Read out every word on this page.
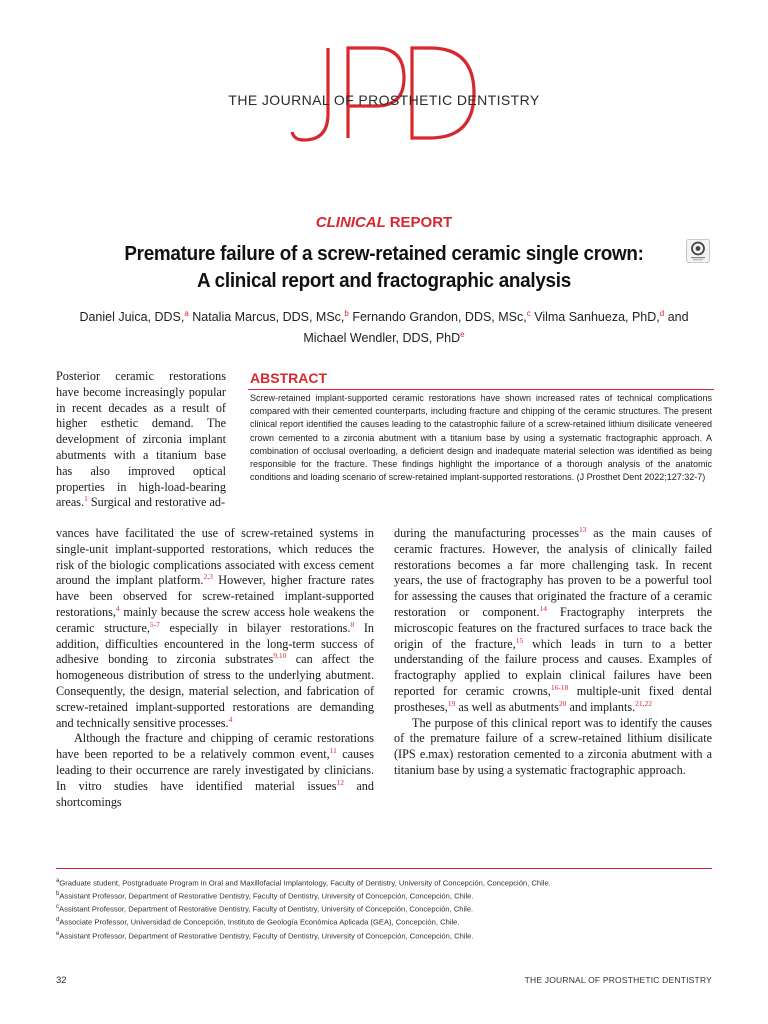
THE JOURNAL OF PROSTHETIC DENTISTRY
CLINICAL REPORT
Premature failure of a screw-retained ceramic single crown: A clinical report and fractographic analysis
Daniel Juica, DDS,$^a$ Natalia Marcus, DDS, MSc,$^b$ Fernando Grandon, DDS, MSc,$^c$ Vilma Sanhueza, PhD,$^d$ and
Michael Wendler, DDS, PhD$^e$
ABSTRACT
Screw-retained implant-supported ceramic restorations have shown increased rates of technical complications compared with their cemented counterparts, including fracture and chipping of the ceramic structures. The present clinical report identified the causes leading to the catastrophic failure of a screw-retained lithium disilicate veneered crown cemented to a zirconia abutment with a titanium base by using a systematic fractographic approach. A combination of occlusal overloading, a deficient design and inadequate material selection was identified as being responsible for the fracture. These findings highlight the importance of a thorough analysis of the anatomic conditions and loading scenario of screw-retained implant-supported restorations. (J Prosthet Dent 2022;127:32-7)

Posterior ceramic restorations have become increasingly popular in recent decades as a result of higher esthetic demand. The development of zirconia implant abutments with a titanium base has also improved optical properties in high-load-bearing areas.$^1$ Surgical and restorative ad-

vances have facilitated the use of screw-retained systems in single-unit implant-supported restorations, which reduces the risk of the biologic complications associated with excess cement around the implant platform.$^{2,3}$ However, higher fracture rates have been observed for screw-retained implant-supported restorations,$^4$ mainly because the screw access hole weakens the ceramic structure,$^{5-7}$ especially in bilayer restorations.$^8$ In addition, difficulties encountered in the long-term success of adhesive bonding to zirconia substrates$^{9,10}$ can affect the homogeneous distribution of stress to the underlying abutment. Consequently, the design, material selection, and fabrication of screw-retained implant-supported restorations are demanding and technically sensitive processes.$^4$

Although the fracture and chipping of ceramic restorations have been reported to be a relatively common event,$^{11}$ causes leading to their occurrence are rarely investigated by clinicians. In vitro studies have identified material issues$^{12}$ and shortcomings

during the manufacturing processes$^{13}$ as the main causes of ceramic fractures. However, the analysis of clinically failed restorations becomes a far more challenging task. In recent years, the use of fractography has proven to be a powerful tool for assessing the causes that originated the fracture of a ceramic restoration or component.$^{14}$ Fractography interprets the microscopic features on the fractured surfaces to trace back the origin of the fracture,$^{15}$ which leads in turn to a better understanding of the failure process and causes. Examples of fractography applied to explain clinical failures have been reported for ceramic crowns,$^{16-18}$ multiple-unit fixed dental prostheses,$^{19}$ as well as abutments$^{20}$ and implants.$^{21,22}$

The purpose of this clinical report was to identify the causes of the premature failure of a screw-retained lithium disilicate (IPS e.max) restoration cemented to a zirconia abutment with a titanium base by using a systematic fractographic approach.

$^a$Graduate student, Postgraduate Program in Oral and Maxillofacial Implantology, Faculty of Dentistry, University of Concepción, Concepción, Chile.
$^b$Assistant Professor, Department of Restorative Dentistry, Faculty of Dentistry, University of Concepción, Concepción, Chile.
$^c$Assistant Professor, Department of Restorative Dentistry, Faculty of Dentistry, University of Concepción, Concepción, Chile.
$^d$Associate Professor, Universidad de Concepción, Instituto de Geología Económica Aplicada (GEA), Concepción, Chile.
$^e$Assistant Professor, Department of Restorative Dentistry, Faculty of Dentistry, University of Concepción, Concepción, Chile.
32	THE JOURNAL OF PROSTHETIC DENTISTRY
